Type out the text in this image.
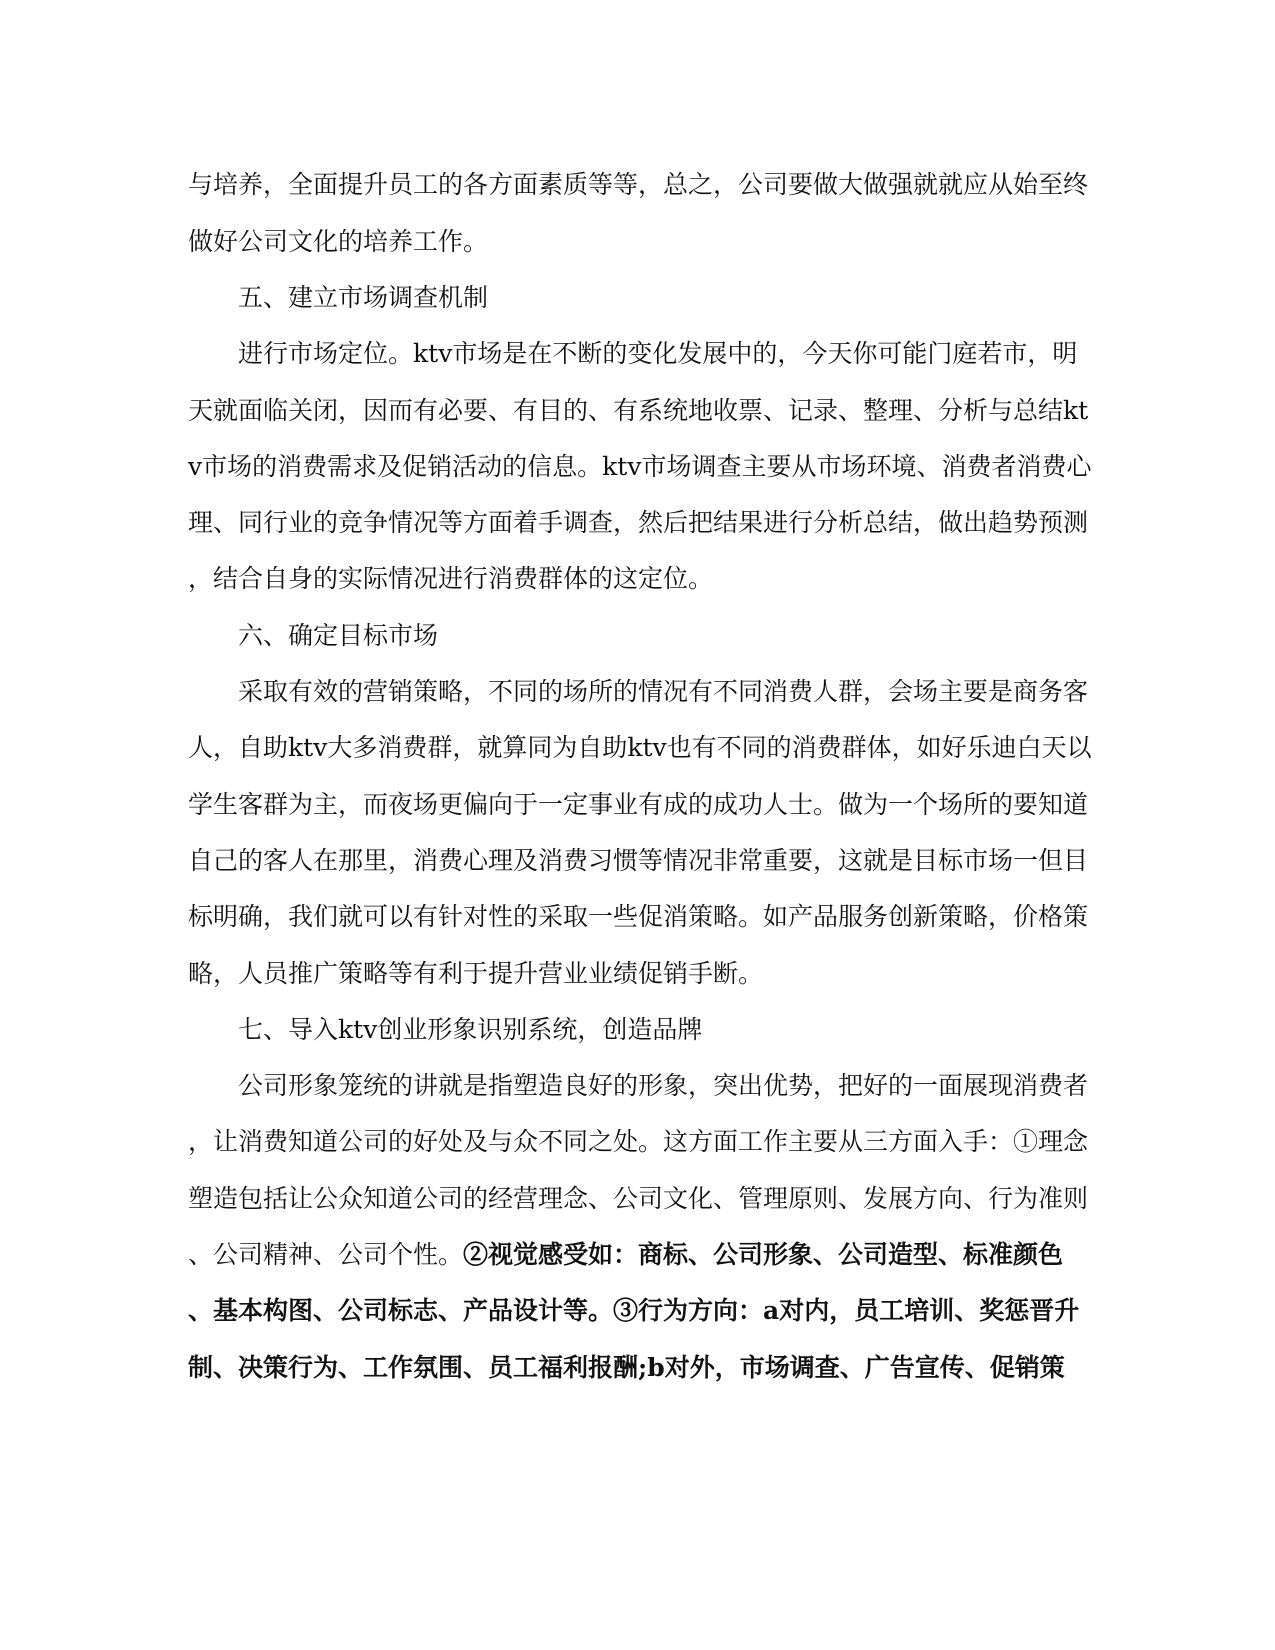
与培养，全面提升员工的各方面素质等等，总之，公司要做大做强就就应从始至终
做好公司文化的培养工作。
五、建立市场调查机制
进行市场定位。ktv市场是在不断的变化发展中的，今天你可能门庭若市，明
天就面临关闭，因而有必要、有目的、有系统地收票、记录、整理、分析与总结kt
v市场的消费需求及促销活动的信息。ktv市场调查主要从市场环境、消费者消费心
理、同行业的竞争情况等方面着手调查，然后把结果进行分析总结，做出趋势预测
，结合自身的实际情况进行消费群体的这定位。
六、确定目标市场
采取有效的营销策略，不同的场所的情况有不同消费人群，会场主要是商务客
人，自助ktv大多消费群，就算同为自助ktv也有不同的消费群体，如好乐迪白天以
学生客群为主，而夜场更偏向于一定事业有成的成功人士。做为一个场所的要知道
自己的客人在那里，消费心理及消费习惯等情况非常重要，这就是目标市场一但目
标明确，我们就可以有针对性的采取一些促消策略。如产品服务创新策略，价格策
略，人员推广策略等有利于提升营业业绩促销手断。
七、导入ktv创业形象识别系统，创造品牌
公司形象笼统的讲就是指塑造良好的形象，突出优势，把好的一面展现消费者
，让消费知道公司的好处及与众不同之处。这方面工作主要从三方面入手：①理念
塑造包括让公众知道公司的经营理念、公司文化、管理原则、发展方向、行为准则
、公司精神、公司个性。②视觉感受如：商标、公司形象、公司造型、标准颜色
、基本构图、公司标志、产品设计等。③行为方向：a对内，员工培训、奖惩晋升
制、决策行为、工作氛围、员工福利报酬;b对外，市场调查、广告宣传、促销策
